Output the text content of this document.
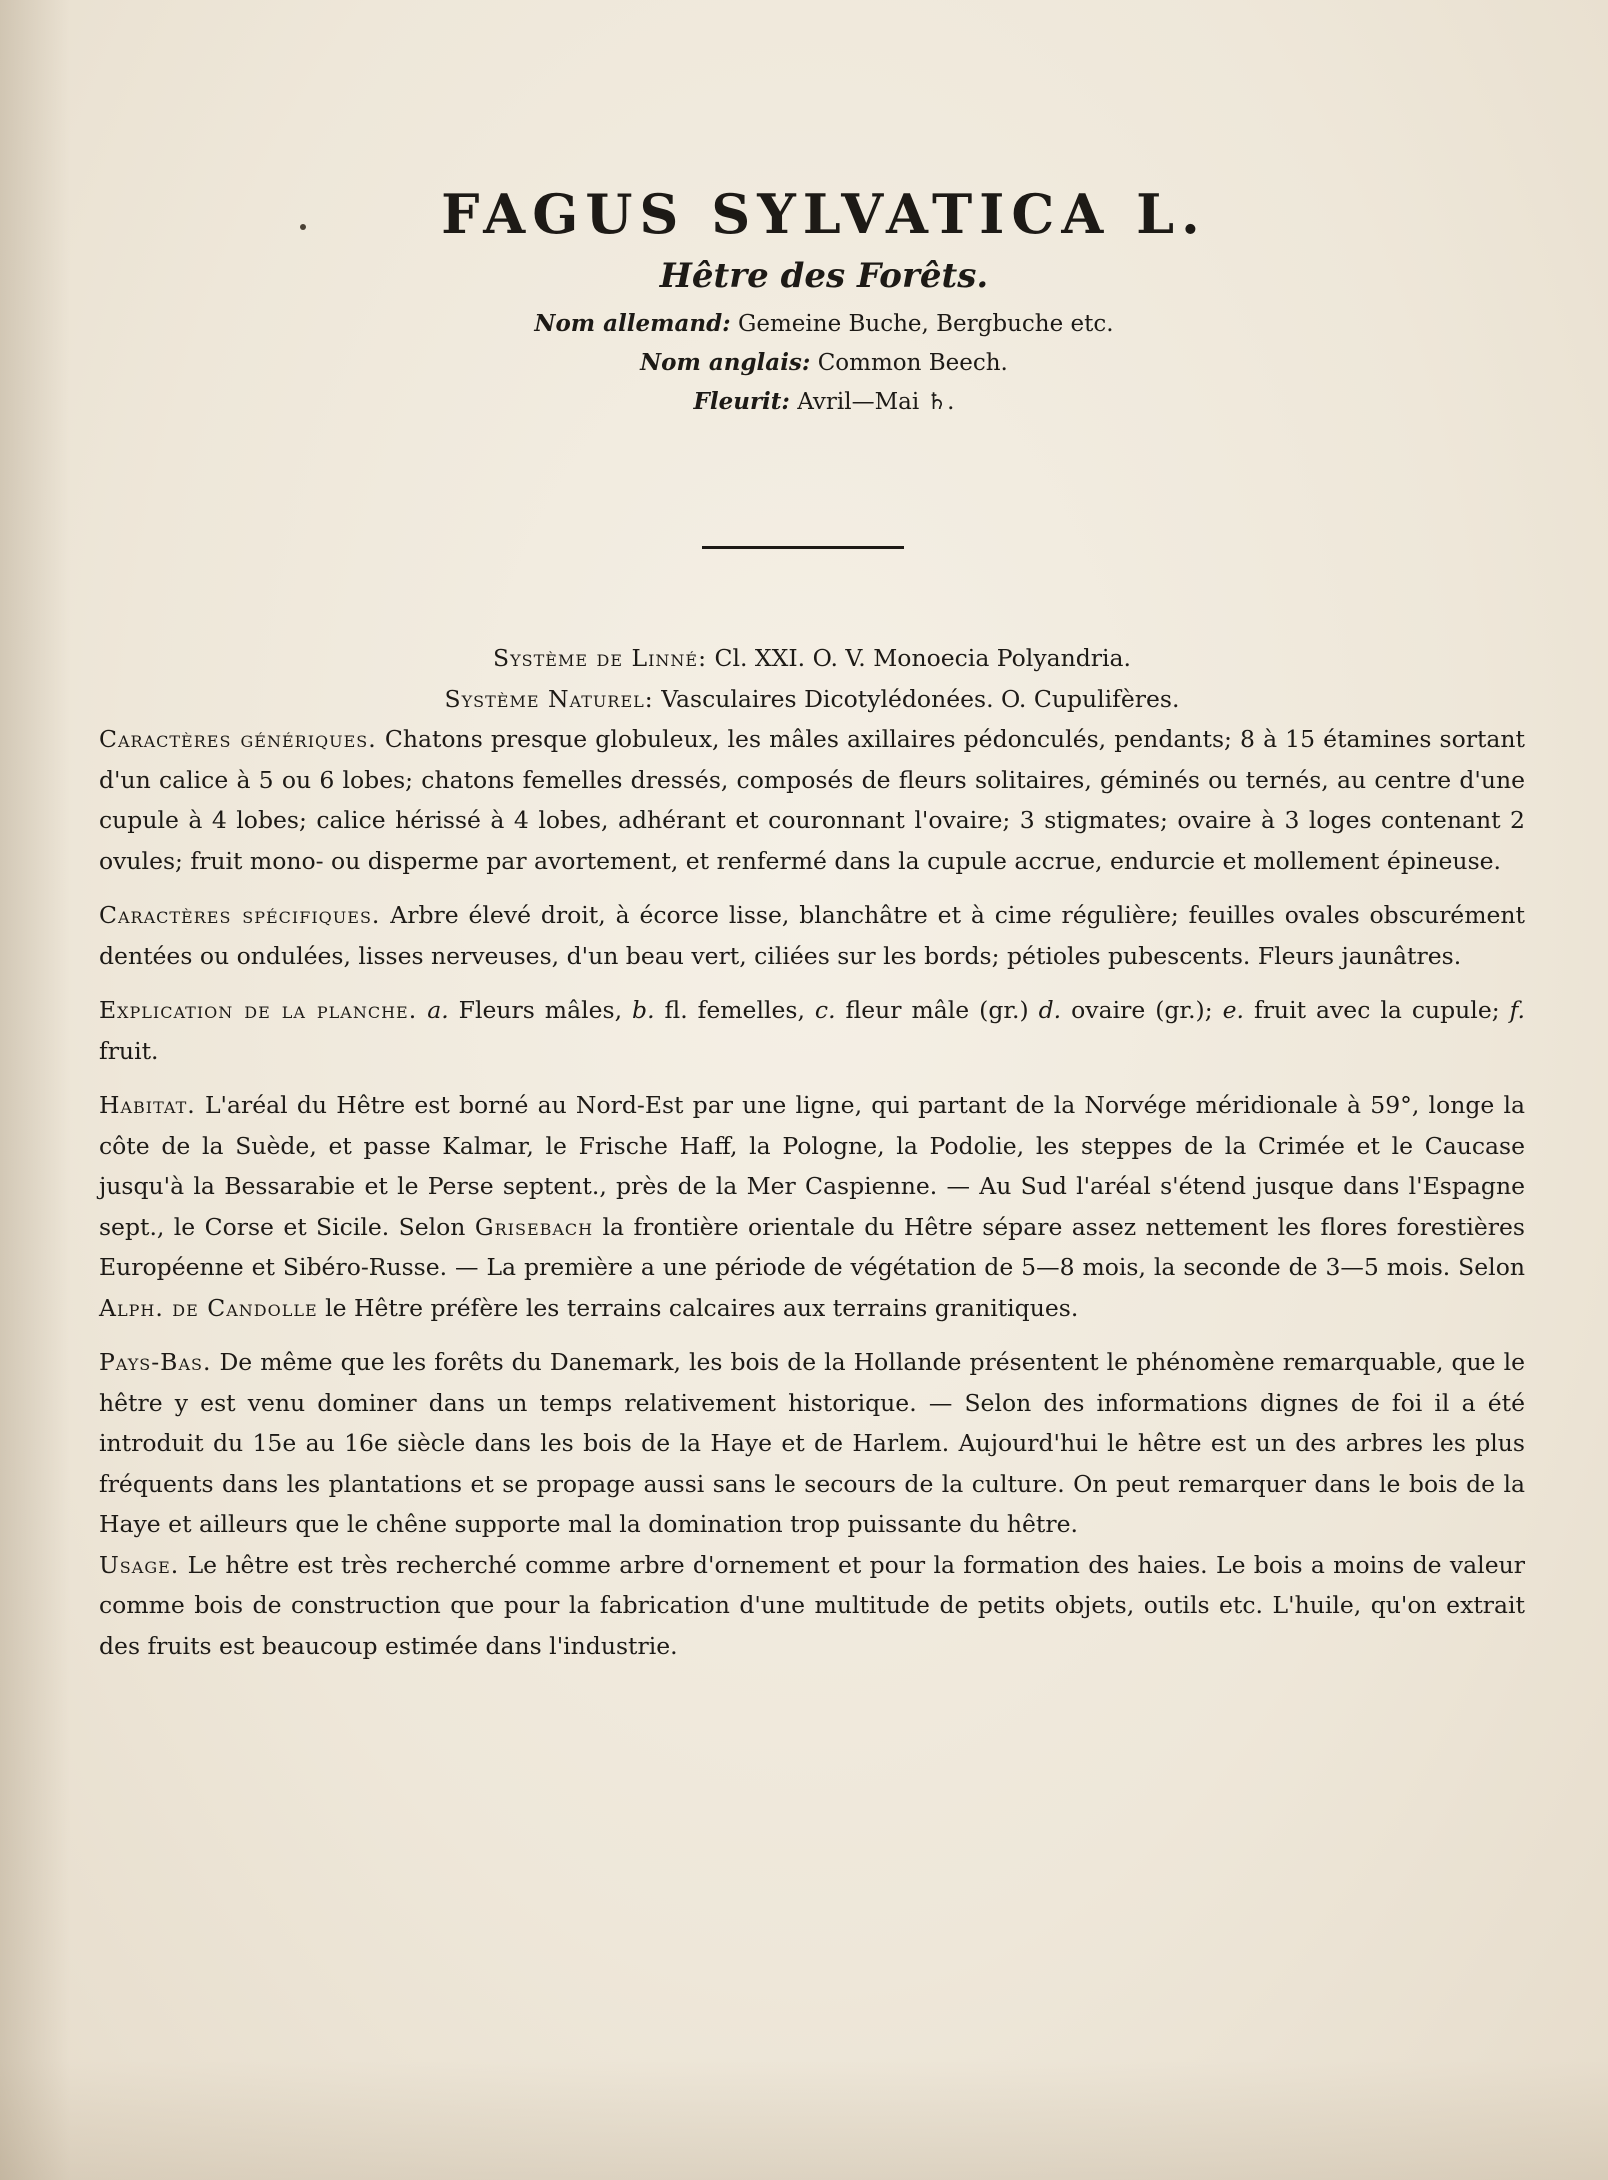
FAGUS SYLVATICA L.
Hêtre des Forêts.
Nom allemand: Gemeine Buche, Bergbuche etc.
Nom anglais: Common Beech.
Fleurit: Avril—Mai ♄.

Système de Linné: Cl. XXI. O. V. Monoecia Polyandria.

Système Naturel: Vasculaires Dicotylédonées. O. Cupulifères.

Caractères génériques. Chatons presque globuleux, les mâles axillaires pédonculés, pendants; 8 à 15 étamines sortant d'un calice à 5 ou 6 lobes; chatons femelles dressés, composés de fleurs solitaires, géminés ou ternés, au centre d'une cupule à 4 lobes; calice hérissé à 4 lobes, adhérant et couronnant l'ovaire; 3 stigmates; ovaire à 3 loges contenant 2 ovules; fruit mono- ou disperme par avortement, et renfermé dans la cupule accrue, endurcie et mollement épineuse.

Caractères spécifiques. Arbre élevé droit, à écorce lisse, blanchâtre et à cime régulière; feuilles ovales obscurément dentées ou ondulées, lisses nerveuses, d'un beau vert, ciliées sur les bords; pétioles pubescents. Fleurs jaunâtres.

Explication de la planche. a. Fleurs mâles, b. fl. femelles, c. fleur mâle (gr.) d. ovaire (gr.); e. fruit avec la cupule; f. fruit.

Habitat. L'aréal du Hêtre est borné au Nord-Est par une ligne, qui partant de la Norvége méridionale à 59°, longe la côte de la Suède, et passe Kalmar, le Frische Haff, la Pologne, la Podolie, les steppes de la Crimée et le Caucase jusqu'à la Bessarabie et le Perse septent., près de la Mer Caspienne. — Au Sud l'aréal s'étend jusque dans l'Espagne sept., le Corse et Sicile. Selon Grisebach la frontière orientale du Hêtre sépare assez nettement les flores forestières Européenne et Sibéro-Russe. — La première a une période de végétation de 5—8 mois, la seconde de 3—5 mois. Selon Alph. de Candolle le Hêtre préfère les terrains calcaires aux terrains granitiques.

Pays-Bas. De même que les forêts du Danemark, les bois de la Hollande présentent le phénomène remarquable, que le hêtre y est venu dominer dans un temps relativement historique. — Selon des informations dignes de foi il a été introduit du 15e au 16e siècle dans les bois de la Haye et de Harlem. Aujourd'hui le hêtre est un des arbres les plus fréquents dans les plantations et se propage aussi sans le secours de la culture. On peut remarquer dans le bois de la Haye et ailleurs que le chêne supporte mal la domination trop puissante du hêtre.

Usage. Le hêtre est très recherché comme arbre d'ornement et pour la formation des haies. Le bois a moins de valeur comme bois de construction que pour la fabrication d'une multitude de petits objets, outils etc. L'huile, qu'on extrait des fruits est beaucoup estimée dans l'industrie.
